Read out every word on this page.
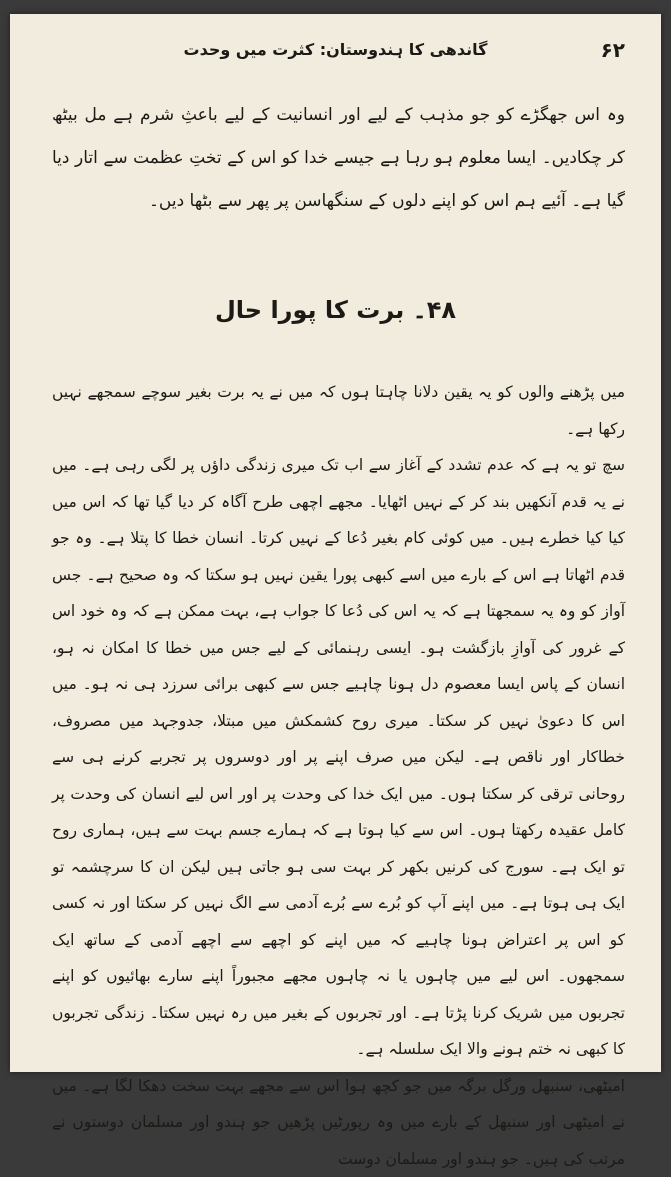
۶۲
گاندھی کا ہندوستان: کثرت میں وحدت

وہ اس جھگڑے کو جو مذہب کے لیے اور انسانیت کے لیے باعثِ شرم ہے مل بیٹھ کر چکادیں۔ ایسا معلوم ہو رہا ہے جیسے خدا کو اس کے تختِ عظمت سے اتار دیا گیا ہے۔ آئیے ہم اس کو اپنے دلوں کے سنگھاسن پر پھر سے بٹھا دیں۔

۴۸۔ برت کا پورا حال

میں پڑھنے والوں کو یہ یقین دلانا چاہتا ہوں کہ میں نے یہ برت بغیر سوچے سمجھے نہیں رکھا ہے۔

سچ تو یہ ہے کہ عدم تشدد کے آغاز سے اب تک میری زندگی داؤں پر لگی رہی ہے۔ میں نے یہ قدم آنکھیں بند کر کے نہیں اٹھایا۔ مجھے اچھی طرح آگاہ کر دیا گیا تھا کہ اس میں کیا کیا خطرے ہیں۔ میں کوئی کام بغیر دُعا کے نہیں کرتا۔ انسان خطا کا پتلا ہے۔ وہ جو قدم اٹھاتا ہے اس کے بارے میں اسے کبھی پورا یقین نہیں ہو سکتا کہ وہ صحیح ہے۔ جس آواز کو وہ یہ سمجھتا ہے کہ یہ اس کی دُعا کا جواب ہے، بہت ممکن ہے کہ وہ خود اس کے غرور کی آوازِ بازگشت ہو۔ ایسی رہنمائی کے لیے جس میں خطا کا امکان نہ ہو، انسان کے پاس ایسا معصوم دل ہونا چاہیے جس سے کبھی برائی سرزد ہی نہ ہو۔ میں اس کا دعویٰ نہیں کر سکتا۔ میری روح کشمکش میں مبتلا، جدوجہد میں مصروف، خطاکار اور ناقص ہے۔ لیکن میں صرف اپنے پر اور دوسروں پر تجربے کرنے ہی سے روحانی ترقی کر سکتا ہوں۔ میں ایک خدا کی وحدت پر اور اس لیے انسان کی وحدت پر کامل عقیدہ رکھتا ہوں۔ اس سے کیا ہوتا ہے کہ ہمارے جسم بہت سے ہیں، ہماری روح تو ایک ہے۔ سورج کی کرنیں بکھر کر بہت سی ہو جاتی ہیں لیکن ان کا سرچشمہ تو ایک ہی ہوتا ہے۔ میں اپنے آپ کو بُرے سے بُرے آدمی سے الگ نہیں کر سکتا اور نہ کسی کو اس پر اعتراض ہونا چاہیے کہ میں اپنے کو اچھے سے اچھے آدمی کے ساتھ ایک سمجھوں۔ اس لیے میں چاہوں یا نہ چاہوں مجھے مجبوراً اپنے سارے بھائیوں کو اپنے تجربوں میں شریک کرنا پڑتا ہے۔ اور تجربوں کے بغیر میں رہ نہیں سکتا۔ زندگی تجربوں کا کبھی نہ ختم ہونے والا ایک سلسلہ ہے۔

امیٹھی، سنبھل ورگل برگہ میں جو کچھ ہوا اس سے مجھے بہت سخت دھکا لگا ہے۔ میں نے امیٹھی اور سنبھل کے بارے میں وہ رپورٹیں پڑھیں جو ہندو اور مسلمان دوستوں نے مرتب کی ہیں۔ جو ہندو اور مسلمان دوست
